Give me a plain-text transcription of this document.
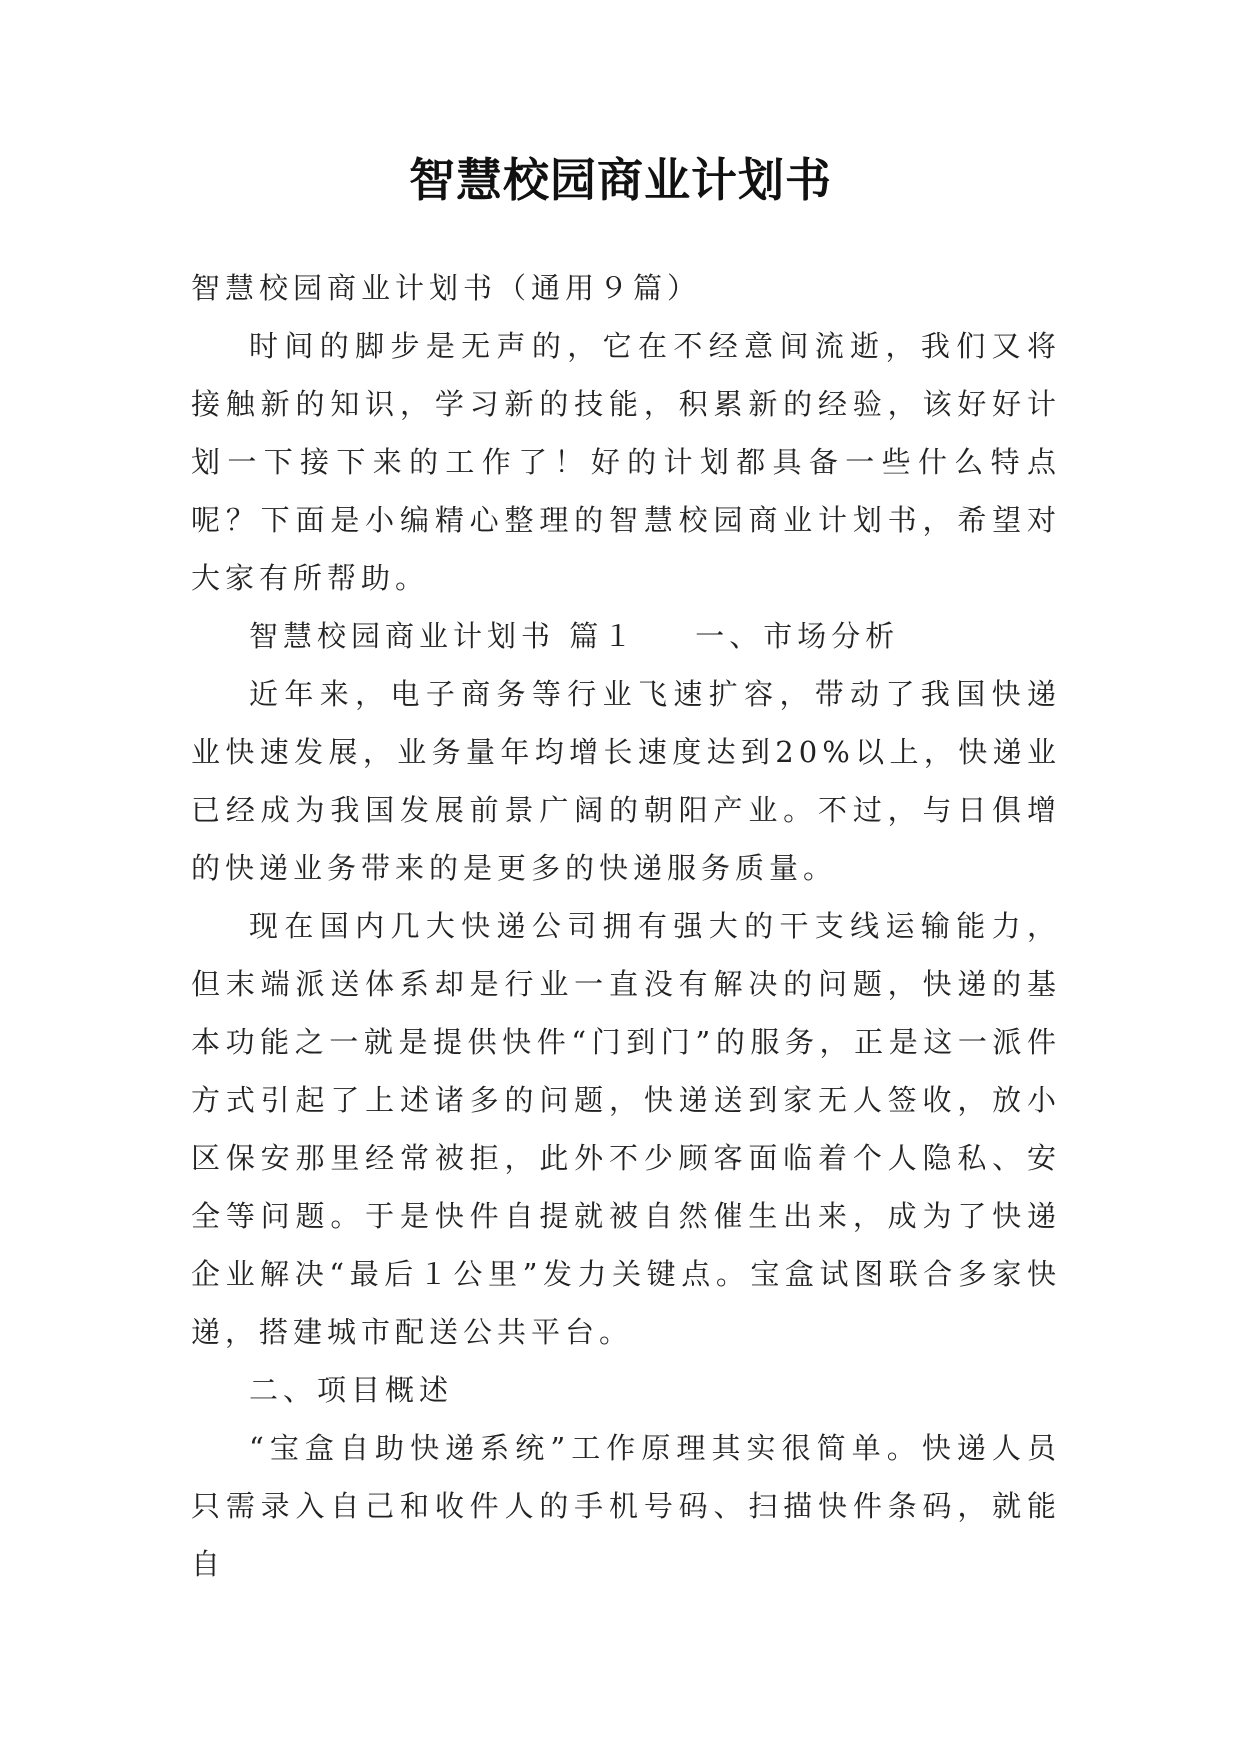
智慧校园商业计划书

智慧校园商业计划书（通用９篇）

时间的脚步是无声的，它在不经意间流逝，我们又将接触新的知识，学习新的技能，积累新的经验，该好好计划一下接下来的工作了！好的计划都具备一些什么特点呢？下面是小编精心整理的智慧校园商业计划书，希望对大家有所帮助。

智慧校园商业计划书 篇１ 一、市场分析

近年来，电子商务等行业飞速扩容，带动了我国快递业快速发展，业务量年均增长速度达到20%以上，快递业已经成为我国发展前景广阔的朝阳产业。不过，与日俱增的快递业务带来的是更多的快递服务质量。

现在国内几大快递公司拥有强大的干支线运输能力，但末端派送体系却是行业一直没有解决的问题，快递的基本功能之一就是提供快件“门到门”的服务，正是这一派件方式引起了上述诸多的问题，快递送到家无人签收，放小区保安那里经常被拒，此外不少顾客面临着个人隐私、安全等问题。于是快件自提就被自然催生出来，成为了快递企业解决“最后１公里”发力关键点。宝盒试图联合多家快递，搭建城市配送公共平台。

二、项目概述

“宝盒自助快递系统”工作原理其实很简单。快递人员只需录入自己和收件人的手机号码、扫描快件条码，就能自
